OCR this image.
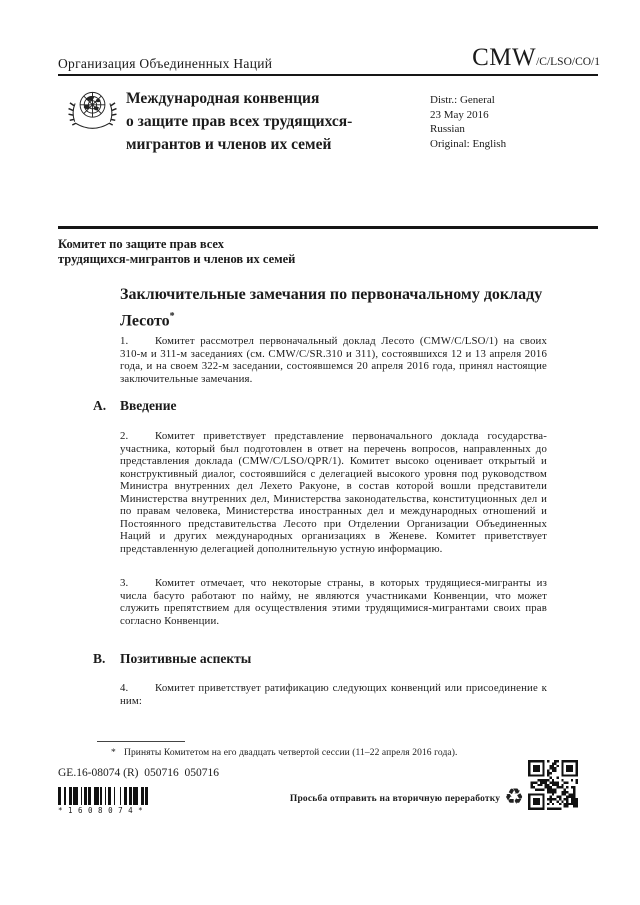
Организация Объединенных Наций	CMW /C/LSO/CO/1
Международная конвенция
о защите прав всех трудящихся-
мигрантов и членов их семей
Distr.: General
23 May 2016
Russian
Original: English
Комитет по защите прав всех
трудящихся-мигрантов и членов их семей
Заключительные замечания по первоначальному докладу Лесото*
1. Комитет рассмотрел первоначальный доклад Лесото (CMW/C/LSO/1) на своих 310-м и 311-м заседаниях (см. CMW/C/SR.310 и 311), состоявшихся 12 и 13 апреля 2016 года, и на своем 322-м заседании, состоявшемся 20 апреля 2016 года, принял настоящие заключительные замечания.
A. Введение
2. Комитет приветствует представление первоначального доклада государства-участника, который был подготовлен в ответ на перечень вопросов, направленных до представления доклада (CMW/C/LSO/QPR/1). Комитет высоко оценивает открытый и конструктивный диалог, состоявшийся с делегацией высокого уровня под руководством Министра внутренних дел Лехето Ракуоне, в состав которой вошли представители Министерства внутренних дел, Министерства законодательства, конституционных дел и по правам человека, Министерства иностранных дел и международных отношений и Постоянного представительства Лесото при Отделении Организации Объединенных Наций и других международных организациях в Женеве. Комитет приветствует представленную делегацией дополнительную устную информацию.
3. Комитет отмечает, что некоторые страны, в которых трудящиеся-мигранты из числа басуто работают по найму, не являются участниками Конвенции, что может служить препятствием для осуществления этими трудящимися-мигрантами своих прав согласно Конвенции.
B. Позитивные аспекты
4. Комитет приветствует ратификацию следующих конвенций или присоединение к ним:
* Приняты Комитетом на его двадцать четвертой сессии (11–22 апреля 2016 года).
GE.16-08074 (R)  050716  050716
*1608074*
Просьба отправить на вторичную переработку ♻
